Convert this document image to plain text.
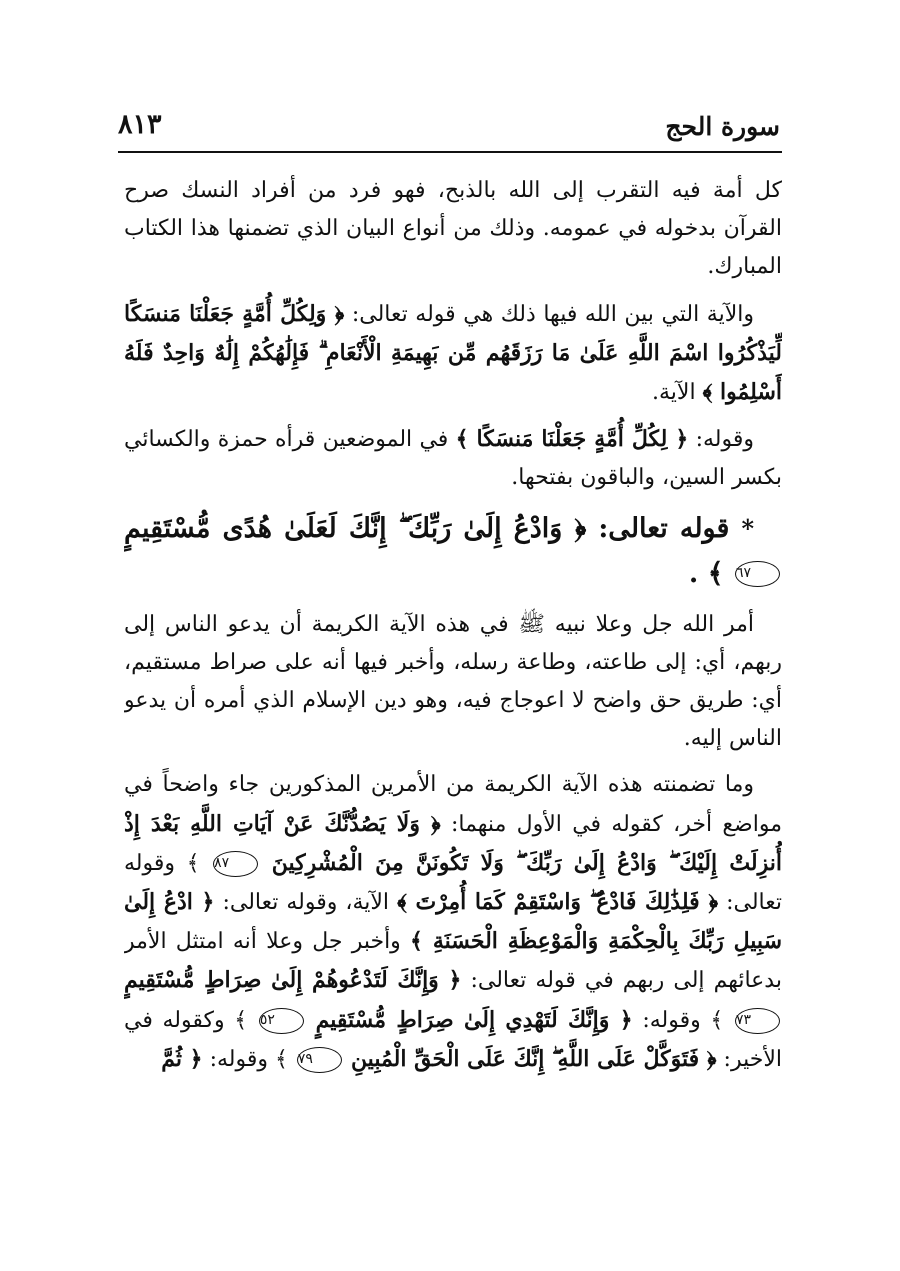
سورة الحج
٨١٣

كل أمة فيه التقرب إلى الله بالذبح، فهو فرد من أفراد النسك صرح القرآن بدخوله في عمومه. وذلك من أنواع البيان الذي تضمنها هذا الكتاب المبارك.

والآية التي بين الله فيها ذلك هي قوله تعالى: ﴿ وَلِكُلِّ أُمَّةٍ جَعَلْنَا مَنسَكًا لِّيَذْكُرُوا اسْمَ اللَّهِ عَلَىٰ مَا رَزَقَهُم مِّن بَهِيمَةِ الْأَنْعَامِ ۗ فَإِلَٰهُكُمْ إِلَٰهٌ وَاحِدٌ فَلَهُ أَسْلِمُوا ﴾ الآية.

وقوله: ﴿ لِكُلِّ أُمَّةٍ جَعَلْنَا مَنسَكًا ﴾ في الموضعين قرأه حمزة والكسائي بكسر السين، والباقون بفتحها.

* قوله تعالى: ﴿ وَادْعُ إِلَىٰ رَبِّكَ ۖ إِنَّكَ لَعَلَىٰ هُدًى مُّسْتَقِيمٍ ٦٧ ﴾ .

أمر الله جل وعلا نبيه ﷺ في هذه الآية الكريمة أن يدعو الناس إلى ربهم، أي: إلى طاعته، وطاعة رسله، وأخبر فيها أنه على صراط مستقيم، أي: طريق حق واضح لا اعوجاج فيه، وهو دين الإسلام الذي أمره أن يدعو الناس إليه.

وما تضمنته هذه الآية الكريمة من الأمرين المذكورين جاء واضحاً في مواضع أخر، كقوله في الأول منهما: ﴿ وَلَا يَصُدُّنَّكَ عَنْ آيَاتِ اللَّهِ بَعْدَ إِذْ أُنزِلَتْ إِلَيْكَ ۖ وَادْعُ إِلَىٰ رَبِّكَ ۖ وَلَا تَكُونَنَّ مِنَ الْمُشْرِكِينَ ٨٧ ﴾ وقوله تعالى: ﴿ فَلِذَٰلِكَ فَادْعُ ۖ وَاسْتَقِمْ كَمَا أُمِرْتَ ﴾ الآية، وقوله تعالى: ﴿ ادْعُ إِلَىٰ سَبِيلِ رَبِّكَ بِالْحِكْمَةِ وَالْمَوْعِظَةِ الْحَسَنَةِ ﴾ وأخبر جل وعلا أنه امتثل الأمر بدعائهم إلى ربهم في قوله تعالى: ﴿ وَإِنَّكَ لَتَدْعُوهُمْ إِلَىٰ صِرَاطٍ مُّسْتَقِيمٍ ٧٣ ﴾ وقوله: ﴿ وَإِنَّكَ لَتَهْدِي إِلَىٰ صِرَاطٍ مُّسْتَقِيمٍ ٥٢ ﴾ وكقوله في الأخير: ﴿ فَتَوَكَّلْ عَلَى اللَّهِ ۖ إِنَّكَ عَلَى الْحَقِّ الْمُبِينِ ٧٩ ﴾ وقوله: ﴿ ثُمَّ
